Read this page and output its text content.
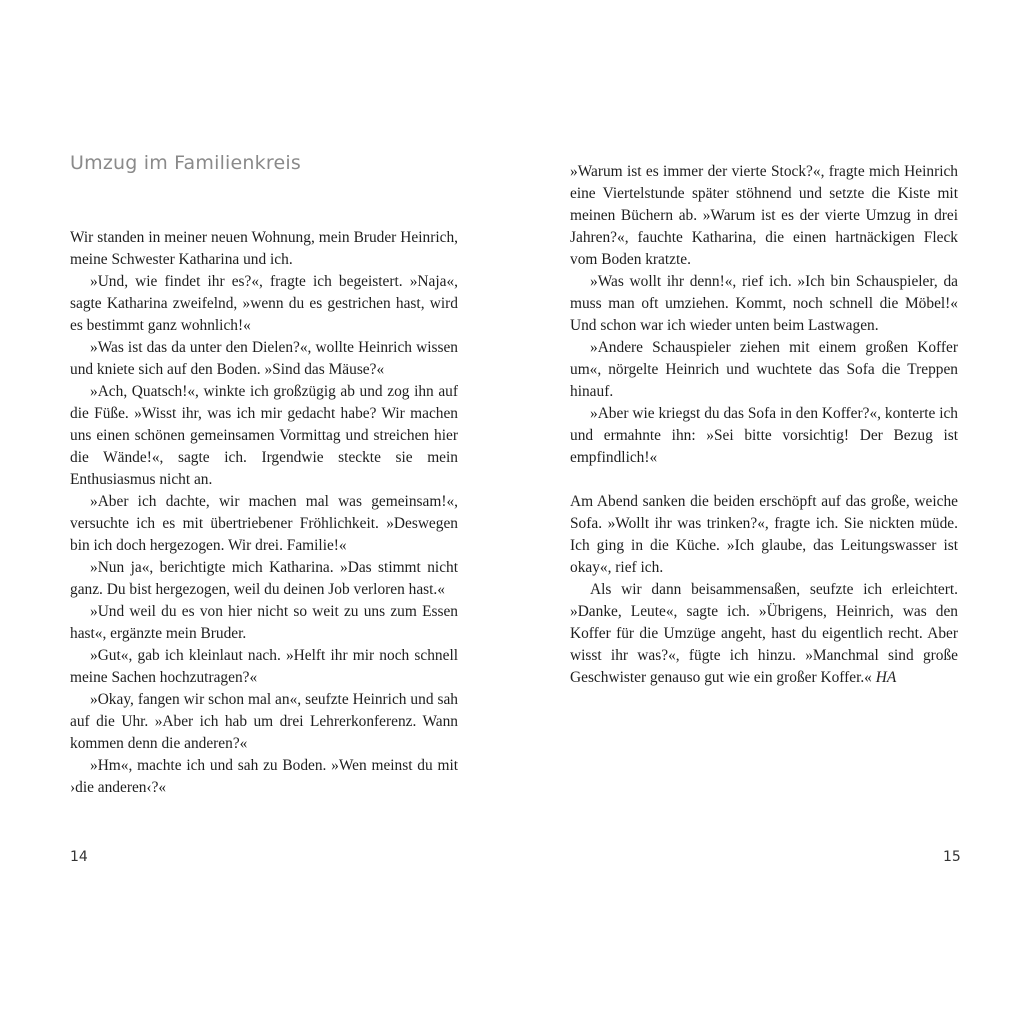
Umzug im Familienkreis

Wir standen in meiner neuen Wohnung, mein Bruder Heinrich, meine Schwester Katharina und ich.

»Und, wie findet ihr es?«, fragte ich begeistert. »Naja«, sagte Katharina zweifelnd, »wenn du es gestrichen hast, wird es bestimmt ganz wohnlich!«

»Was ist das da unter den Dielen?«, wollte Heinrich wissen und kniete sich auf den Boden. »Sind das Mäuse?«

»Ach, Quatsch!«, winkte ich großzügig ab und zog ihn auf die Füße. »Wisst ihr, was ich mir gedacht habe? Wir machen uns einen schönen gemeinsamen Vormittag und streichen hier die Wände!«, sagte ich. Irgendwie steckte sie mein Enthusiasmus nicht an.

»Aber ich dachte, wir machen mal was gemeinsam!«, versuchte ich es mit übertriebener Fröhlichkeit. »Deswegen bin ich doch hergezogen. Wir drei. Familie!«

»Nun ja«, berichtigte mich Katharina. »Das stimmt nicht ganz. Du bist hergezogen, weil du deinen Job verloren hast.«

»Und weil du es von hier nicht so weit zu uns zum Essen hast«, ergänzte mein Bruder.

»Gut«, gab ich kleinlaut nach. »Helft ihr mir noch schnell meine Sachen hochzutragen?«

»Okay, fangen wir schon mal an«, seufzte Heinrich und sah auf die Uhr. »Aber ich hab um drei Lehrerkonferenz. Wann kommen denn die anderen?«

»Hm«, machte ich und sah zu Boden. »Wen meinst du mit ›die anderen‹?«

14

»Warum ist es immer der vierte Stock?«, fragte mich Heinrich eine Viertelstunde später stöhnend und setzte die Kiste mit meinen Büchern ab. »Warum ist es der vierte Umzug in drei Jahren?«, fauchte Katharina, die einen hartnäckigen Fleck vom Boden kratzte.

»Was wollt ihr denn!«, rief ich. »Ich bin Schauspieler, da muss man oft umziehen. Kommt, noch schnell die Möbel!« Und schon war ich wieder unten beim Lastwagen.

»Andere Schauspieler ziehen mit einem großen Koffer um«, nörgelte Heinrich und wuchtete das Sofa die Treppen hinauf.

»Aber wie kriegst du das Sofa in den Koffer?«, konterte ich und ermahnte ihn: »Sei bitte vorsichtig! Der Bezug ist empfindlich!«

Am Abend sanken die beiden erschöpft auf das große, weiche Sofa. »Wollt ihr was trinken?«, fragte ich. Sie nickten müde. Ich ging in die Küche. »Ich glaube, das Leitungswasser ist okay«, rief ich.

Als wir dann beisammensaßen, seufzte ich erleichtert. »Danke, Leute«, sagte ich. »Übrigens, Heinrich, was den Koffer für die Umzüge angeht, hast du eigentlich recht. Aber wisst ihr was?«, fügte ich hinzu. »Manchmal sind große Geschwister genauso gut wie ein großer Koffer.« HA

15
